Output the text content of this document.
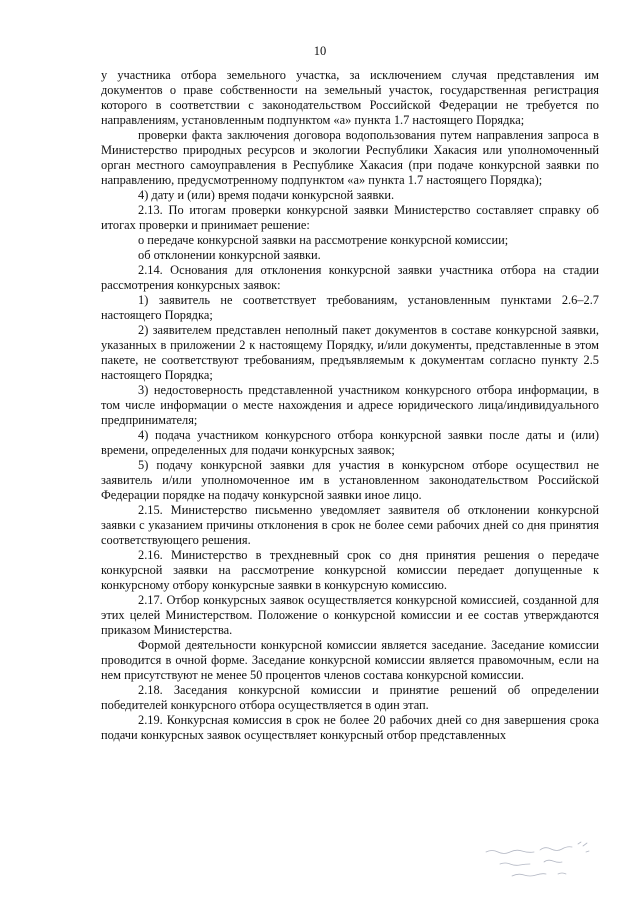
10

у участника отбора земельного участка, за исключением случая представления им документов о праве собственности на земельный участок, государственная регистрация которого в соответствии с законодательством Российской Федерации не требуется по направлениям, установленным подпунктом «а» пункта 1.7 настоящего Порядка;

проверки факта заключения договора водопользования путем направления запроса в Министерство природных ресурсов и экологии Республики Хакасия или уполномоченный орган местного самоуправления в Республике Хакасия (при подаче конкурсной заявки по направлению, предусмотренному подпунктом «а» пункта 1.7 настоящего Порядка);

4) дату и (или) время подачи конкурсной заявки.

2.13. По итогам проверки конкурсной заявки Министерство составляет справку об итогах проверки и принимает решение:

о передаче конкурсной заявки на рассмотрение конкурсной комиссии;

об отклонении конкурсной заявки.

2.14. Основания для отклонения конкурсной заявки участника отбора на стадии рассмотрения конкурсных заявок:

1) заявитель не соответствует требованиям, установленным пунктами 2.6–2.7 настоящего Порядка;

2) заявителем представлен неполный пакет документов в составе конкурсной заявки, указанных в приложении 2 к настоящему Порядку, и/или документы, представленные в этом пакете, не соответствуют требованиям, предъявляемым к документам согласно пункту 2.5 настоящего Порядка;

3) недостоверность представленной участником конкурсного отбора информации, в том числе информации о месте нахождения и адресе юридического лица/индивидуального предпринимателя;

4) подача участником конкурсного отбора конкурсной заявки после даты и (или) времени, определенных для подачи конкурсных заявок;

5) подачу конкурсной заявки для участия в конкурсном отборе осуществил не заявитель и/или уполномоченное им в установленном законодательством Российской Федерации порядке на подачу конкурсной заявки иное лицо.

2.15. Министерство письменно уведомляет заявителя об отклонении конкурсной заявки с указанием причины отклонения в срок не более семи рабочих дней со дня принятия соответствующего решения.

2.16. Министерство в трехдневный срок со дня принятия решения о передаче конкурсной заявки на рассмотрение конкурсной комиссии передает допущенные к конкурсному отбору конкурсные заявки в конкурсную комиссию.

2.17. Отбор конкурсных заявок осуществляется конкурсной комиссией, созданной для этих целей Министерством. Положение о конкурсной комиссии и ее состав утверждаются приказом Министерства.

Формой деятельности конкурсной комиссии является заседание. Заседание комиссии проводится в очной форме. Заседание конкурсной комиссии является правомочным, если на нем присутствуют не менее 50 процентов членов состава конкурсной комиссии.

2.18. Заседания конкурсной комиссии и принятие решений об определении победителей конкурсного отбора осуществляется в один этап.

2.19. Конкурсная комиссия в срок не более 20 рабочих дней со дня завершения срока подачи конкурсных заявок осуществляет конкурсный отбор представленных
